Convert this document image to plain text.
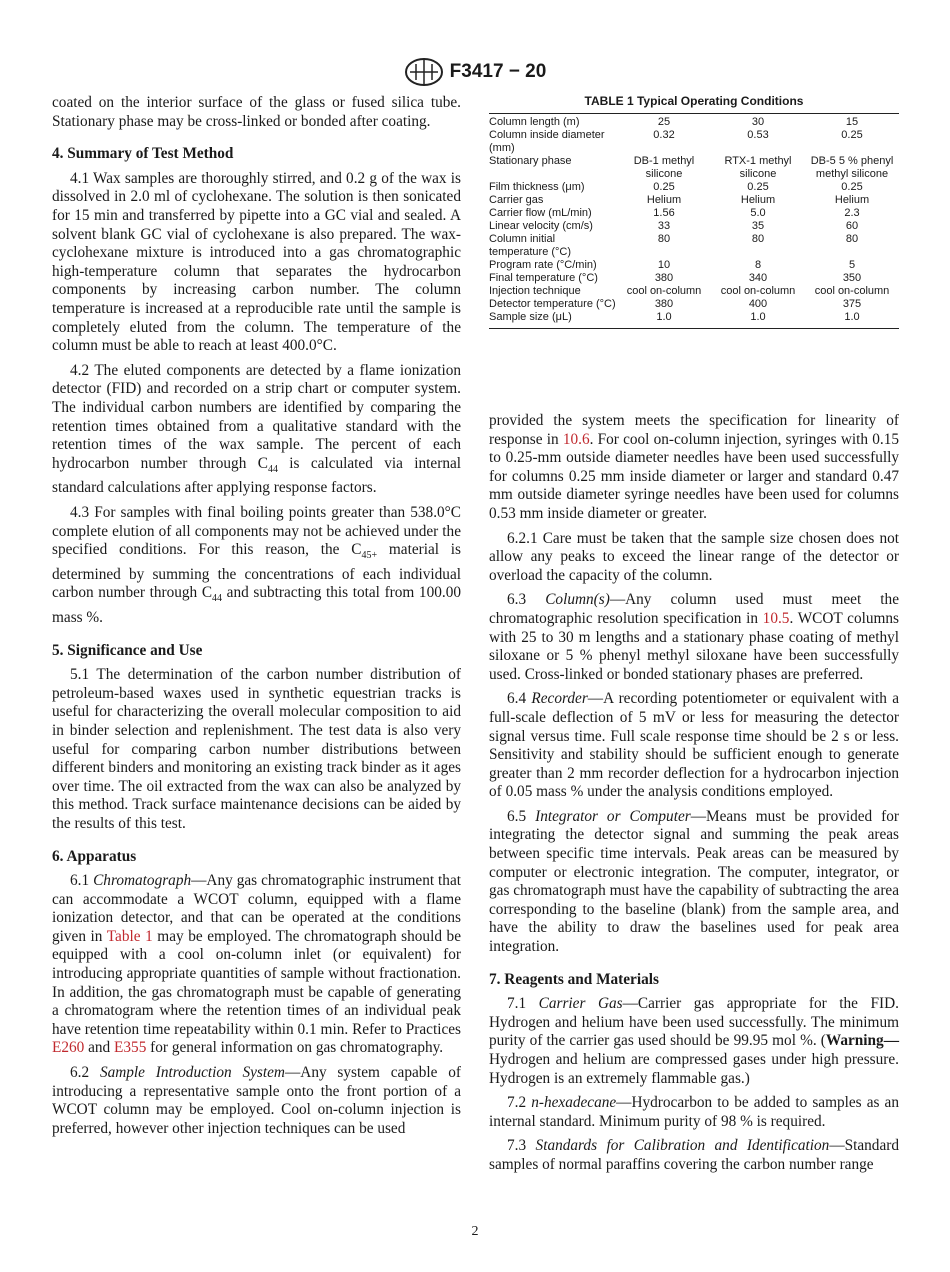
F3417 − 20

coated on the interior surface of the glass or fused silica tube. Stationary phase may be cross-linked or bonded after coating.

4. Summary of Test Method

4.1 Wax samples are thoroughly stirred, and 0.2 g of the wax is dissolved in 2.0 ml of cyclohexane. The solution is then sonicated for 15 min and transferred by pipette into a GC vial and sealed. A solvent blank GC vial of cyclohexane is also prepared. The wax-cyclohexane mixture is introduced into a gas chromatographic high-temperature column that separates the hydrocarbon components by increasing carbon number. The column temperature is increased at a reproducible rate until the sample is completely eluted from the column. The temperature of the column must be able to reach at least 400.0°C.

4.2 The eluted components are detected by a flame ionization detector (FID) and recorded on a strip chart or computer system. The individual carbon numbers are identified by comparing the retention times obtained from a qualitative standard with the retention times of the wax sample. The percent of each hydrocarbon number through $C_{44}$ is calculated via internal standard calculations after applying response factors.

4.3 For samples with final boiling points greater than 538.0°C complete elution of all components may not be achieved under the specified conditions. For this reason, the $C_{45+}$ material is determined by summing the concentrations of each individual carbon number through $C_{44}$ and subtracting this total from 100.00 mass %.

5. Significance and Use

5.1 The determination of the carbon number distribution of petroleum-based waxes used in synthetic equestrian tracks is useful for characterizing the overall molecular composition to aid in binder selection and replenishment. The test data is also very useful for comparing carbon number distributions between different binders and monitoring an existing track binder as it ages over time. The oil extracted from the wax can also be analyzed by this method. Track surface maintenance decisions can be aided by the results of this test.

6. Apparatus

6.1 Chromatograph—Any gas chromatographic instrument that can accommodate a WCOT column, equipped with a flame ionization detector, and that can be operated at the conditions given in Table 1 may be employed. The chromatograph should be equipped with a cool on-column inlet (or equivalent) for introducing appropriate quantities of sample without fractionation. In addition, the gas chromatograph must be capable of generating a chromatogram where the retention times of an individual peak have retention time repeatability within 0.1 min. Refer to Practices E260 and E355 for general information on gas chromatography.

6.2 Sample Introduction System—Any system capable of introducing a representative sample onto the front portion of a WCOT column may be employed. Cool on-column injection is preferred, however other injection techniques can be used

TABLE 1 Typical Operating Conditions
Column length (m)	25	30	15
Column inside diameter (mm)	0.32	0.53	0.25
Stationary phase	DB-1 methyl silicone	RTX-1 methyl silicone	DB-5 5 % phenyl methyl silicone
Film thickness (μm)	0.25	0.25	0.25
Carrier gas	Helium	Helium	Helium
Carrier flow (mL/min)	1.56	5.0	2.3
Linear velocity (cm/s)	33	35	60
Column initial temperature (°C)	80	80	80
Program rate (°C/min)	10	8	5
Final temperature (°C)	380	340	350
Injection technique	cool on-column	cool on-column	cool on-column
Detector temperature (°C)	380	400	375
Sample size (μL)	1.0	1.0	1.0

provided the system meets the specification for linearity of response in 10.6. For cool on-column injection, syringes with 0.15 to 0.25-mm outside diameter needles have been used successfully for columns 0.25 mm inside diameter or larger and standard 0.47 mm outside diameter syringe needles have been used for columns 0.53 mm inside diameter or greater.

6.2.1 Care must be taken that the sample size chosen does not allow any peaks to exceed the linear range of the detector or overload the capacity of the column.

6.3 Column(s)—Any column used must meet the chromatographic resolution specification in 10.5. WCOT columns with 25 to 30 m lengths and a stationary phase coating of methyl siloxane or 5 % phenyl methyl siloxane have been successfully used. Cross-linked or bonded stationary phases are preferred.

6.4 Recorder—A recording potentiometer or equivalent with a full-scale deflection of 5 mV or less for measuring the detector signal versus time. Full scale response time should be 2 s or less. Sensitivity and stability should be sufficient enough to generate greater than 2 mm recorder deflection for a hydrocarbon injection of 0.05 mass % under the analysis conditions employed.

6.5 Integrator or Computer—Means must be provided for integrating the detector signal and summing the peak areas between specific time intervals. Peak areas can be measured by computer or electronic integration. The computer, integrator, or gas chromatograph must have the capability of subtracting the area corresponding to the baseline (blank) from the sample area, and have the ability to draw the baselines used for peak area integration.

7. Reagents and Materials

7.1 Carrier Gas—Carrier gas appropriate for the FID. Hydrogen and helium have been used successfully. The minimum purity of the carrier gas used should be 99.95 mol %. (Warning—Hydrogen and helium are compressed gases under high pressure. Hydrogen is an extremely flammable gas.)

7.2 n-hexadecane—Hydrocarbon to be added to samples as an internal standard. Minimum purity of 98 % is required.

7.3 Standards for Calibration and Identification—Standard samples of normal paraffins covering the carbon number range

2
